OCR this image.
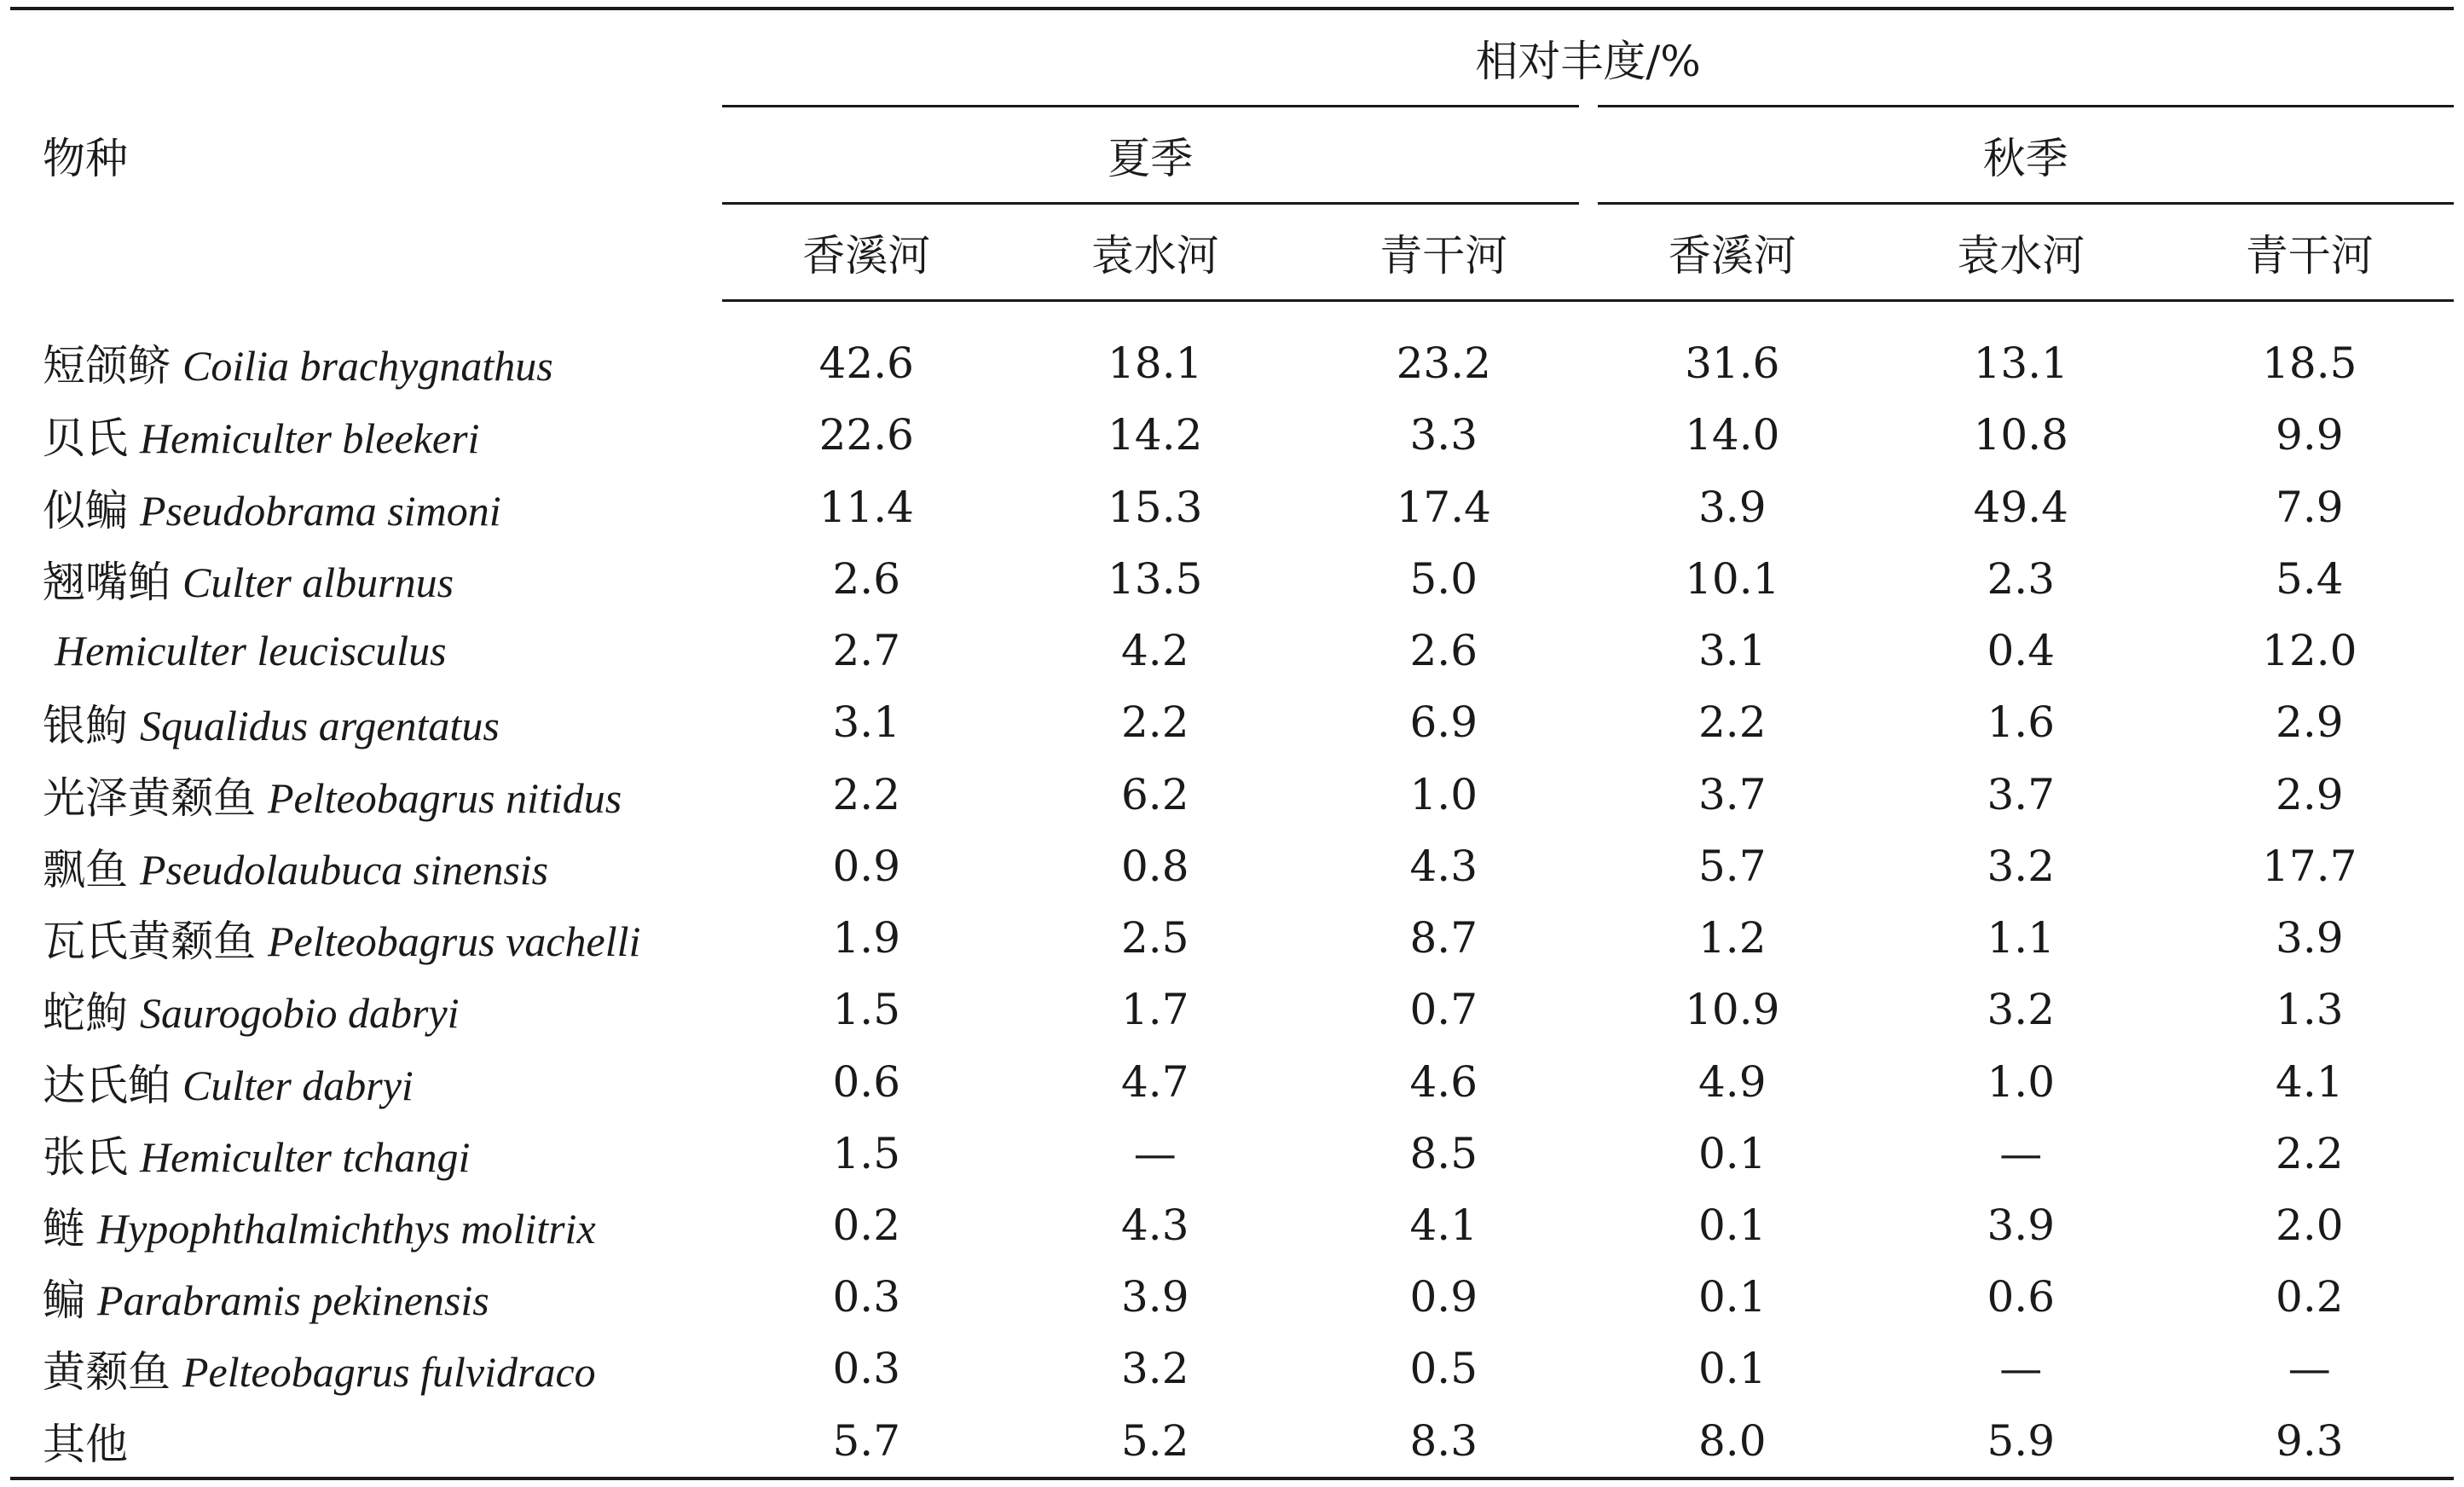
物种	相对丰度/%					
	夏季			秋季		
	香溪河	袁水河	青干河	香溪河	袁水河	青干河
短颌鲚 Coilia brachygnathus	42.6	18.1	23.2	31.6	13.1	18.5
贝氏 Hemiculter bleekeri	22.6	14.2	3.3	14.0	10.8	9.9
似鳊 Pseudobrama simoni	11.4	15.3	17.4	3.9	49.4	7.9
翘嘴鲌 Culter alburnus	2.6	13.5	5.0	10.1	2.3	5.4
Hemiculter leucisculus	2.7	4.2	2.6	3.1	0.4	12.0
银鮈 Squalidus argentatus	3.1	2.2	6.9	2.2	1.6	2.9
光泽黄颡鱼 Pelteobagrus nitidus	2.2	6.2	1.0	3.7	3.7	2.9
飘鱼 Pseudolaubuca sinensis	0.9	0.8	4.3	5.7	3.2	17.7
瓦氏黄颡鱼 Pelteobagrus vachelli	1.9	2.5	8.7	1.2	1.1	3.9
蛇鮈 Saurogobio dabryi	1.5	1.7	0.7	10.9	3.2	1.3
达氏鲌 Culter dabryi	0.6	4.7	4.6	4.9	1.0	4.1
张氏 Hemiculter tchangi	1.5	—	8.5	0.1	—	2.2
鲢 Hypophthalmichthys molitrix	0.2	4.3	4.1	0.1	3.9	2.0
鳊 Parabramis pekinensis	0.3	3.9	0.9	0.1	0.6	0.2
黄颡鱼 Pelteobagrus fulvidraco	0.3	3.2	0.5	0.1	—	—
其他	5.7	5.2	8.3	8.0	5.9	9.3
